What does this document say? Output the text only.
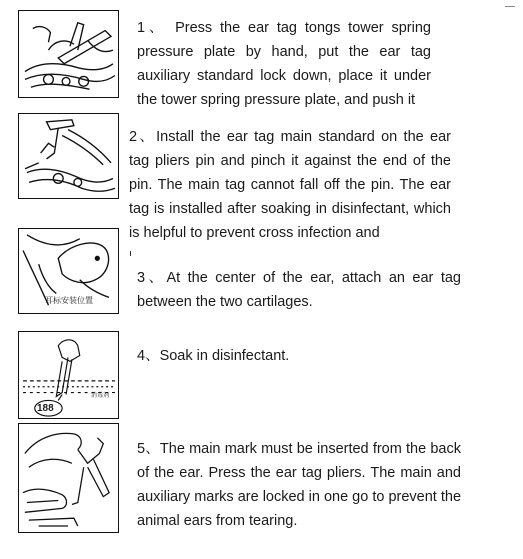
1、 Press the ear tag tongs tower spring pressure plate by hand, put the ear tag auxiliary standard lock down, place it under the tower spring pressure plate, and push it
2、Install the ear tag main standard on the ear tag pliers pin and pinch it against the end of the pin. The main tag cannot fall off the pin. The ear tag is installed after soaking in disinfectant, which is helpful to prevent cross infection and
耳标安装位置
3、At the center of the ear, attach an ear tag between the two cartilages.
188
消毒剂
4、Soak in disinfectant.
5、The main mark must be inserted from the back of the ear. Press the ear tag pliers. The main and auxiliary marks are locked in one go to prevent the animal ears from tearing.
